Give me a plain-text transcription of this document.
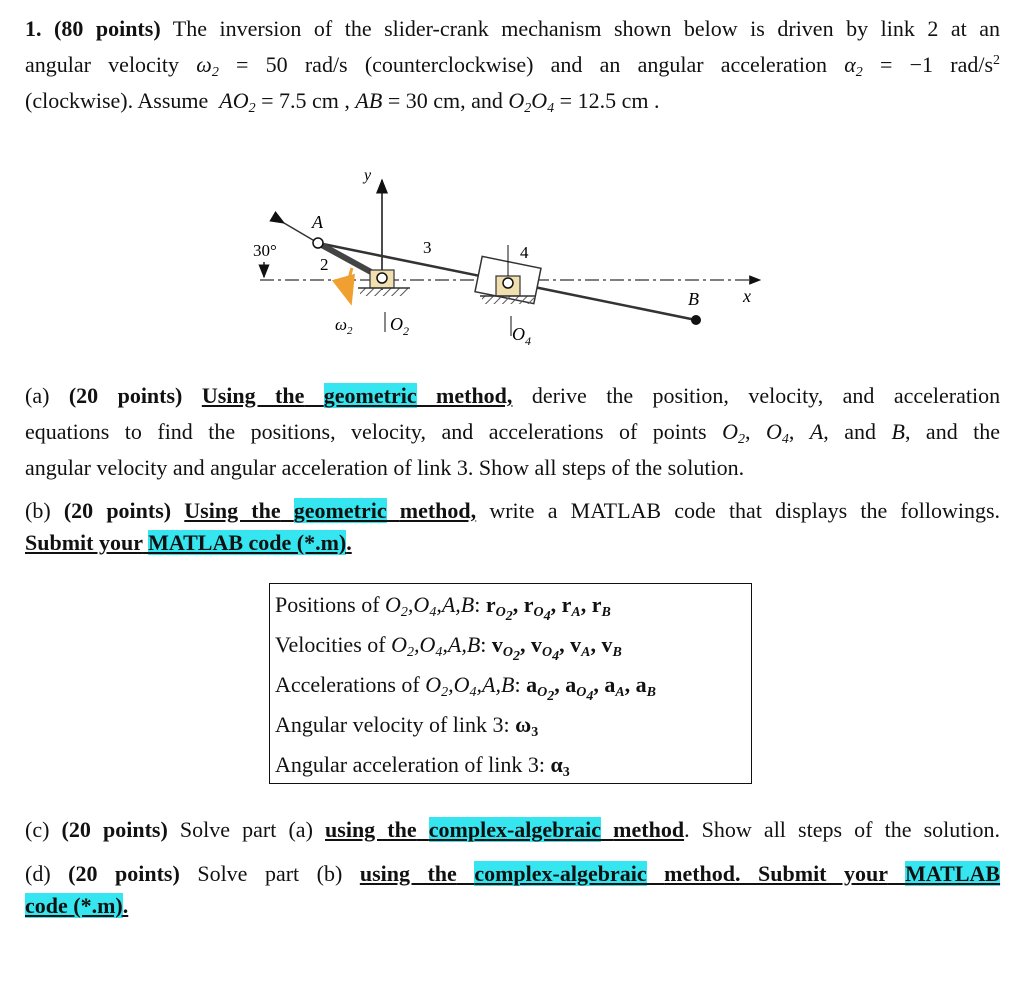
1. (80 points) The inversion of the slider-crank mechanism shown below is driven by link 2 at an
angular velocity $\omega_2 = 50$ rad/s (counterclockwise) and an angular acceleration $\alpha_2 = -1$ rad/$s^2$
(clockwise). Assume $AO_2 = 7.5$ cm , AB = 30 cm, and $O_2O_4 = 12.5$ cm .
y
x
30°
A
2
3
$O_2$
$\omega_2$
4
$O_4$
B
(a) (20 points) Using the geometric method, derive the position, velocity, and acceleration
equations to find the positions, velocity, and accelerations of points $O_2$, $O_4$, A, and B, and the
angular velocity and angular acceleration of link 3. Show all steps of the solution.
(b) (20 points) Using the geometric method, write a MATLAB code that displays the followings.
Submit your MATLAB code (*.m).
Positions of $O_2,O_4,A,B$: $r_{O_2}$, $r_{O_4}$, $r_A$, $r_B$
Velocities of $O_2,O_4,A,B$: $v_{O_2}$, $v_{O_4}$, $v_A$, $v_B$
Accelerations of $O_2,O_4,A,B$: $a_{O_2}$, $a_{O_4}$, $a_A$, $a_B$
Angular velocity of link 3: $\omega_3$
Angular acceleration of link 3: $\alpha_3$
(c) (20 points) Solve part (a) using the complex-algebraic method. Show all steps of the solution.
(d) (20 points) Solve part (b) using the complex-algebraic method. Submit your MATLAB
code (*.m).
